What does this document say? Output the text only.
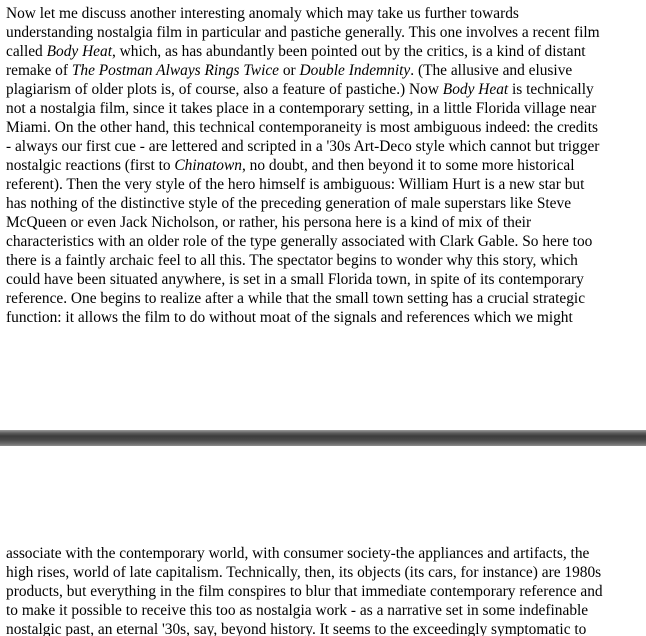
Now let me discuss another interesting anomaly which may take us further towards
understanding nostalgia film in particular and pastiche generally. This one involves a recent film
called Body Heat, which, as has abundantly been pointed out by the critics, is a kind of distant
remake of The Postman Always Rings Twice or Double Indemnity. (The allusive and elusive
plagiarism of older plots is, of course, also a feature of pastiche.) Now Body Heat is technically
not a nostalgia film, since it takes place in a contemporary setting, in a little Florida village near
Miami. On the other hand, this technical contemporaneity is most ambiguous indeed: the credits
- always our first cue - are lettered and scripted in a '30s Art-Deco style which cannot but trigger
nostalgic reactions (first to Chinatown, no doubt, and then beyond it to some more historical
referent). Then the very style of the hero himself is ambiguous: William Hurt is a new star but
has nothing of the distinctive style of the preceding generation of male superstars like Steve
McQueen or even Jack Nicholson, or rather, his persona here is a kind of mix of their
characteristics with an older role of the type generally associated with Clark Gable. So here too
there is a faintly archaic feel to all this. The spectator begins to wonder why this story, which
could have been situated anywhere, is set in a small Florida town, in spite of its contemporary
reference. One begins to realize after a while that the small town setting has a crucial strategic
function: it allows the film to do without moat of the signals and references which we might
associate with the contemporary world, with consumer society-the appliances and artifacts, the
high rises, world of late capitalism. Technically, then, its objects (its cars, for instance) are 1980s
products, but everything in the film conspires to blur that immediate contemporary reference and
to make it possible to receive this too as nostalgia work - as a narrative set in some indefinable
nostalgic past, an eternal '30s, say, beyond history. It seems to the exceedingly symptomatic to
